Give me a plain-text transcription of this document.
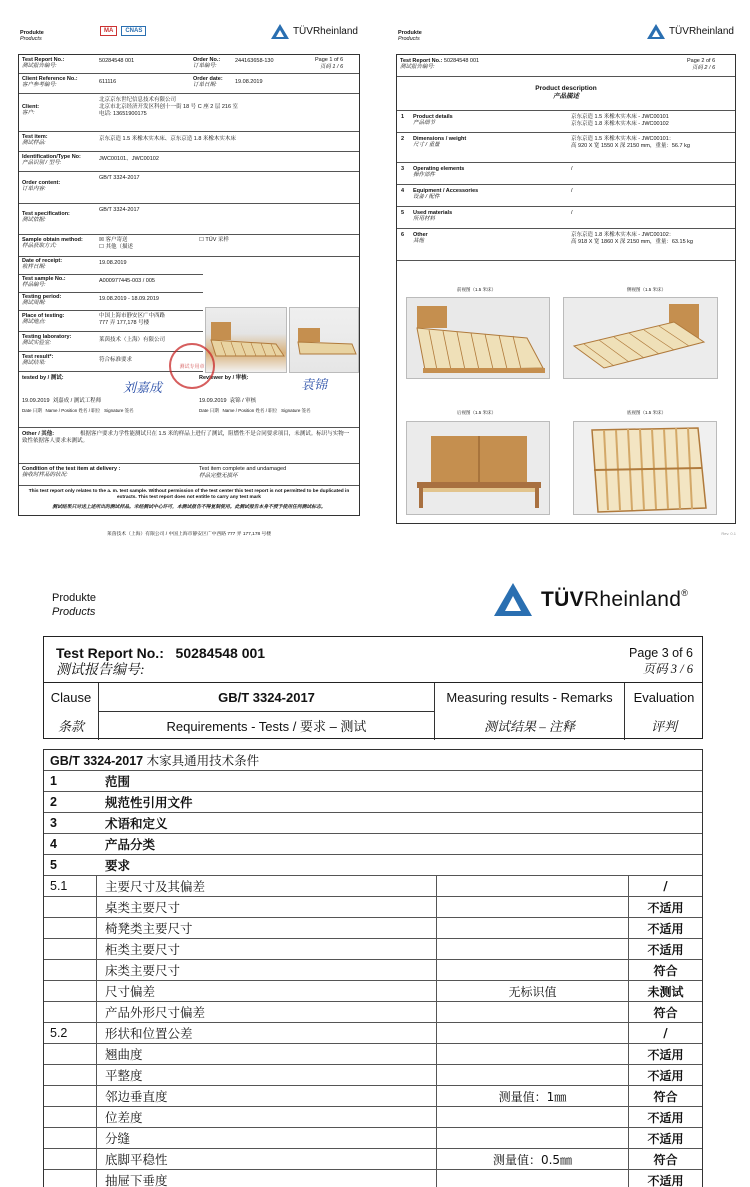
Produkte
Products
MA	CNAS	TÜVRheinland
Test Report No.:
测试报告编号:
50284548 001	Order No.:
订单编号:
244163658-130	Page 1 of 6
页码 1 / 6
Client Reference No.:
客户参考编号:
611116	Order date:
订单日期:
19.08.2019
Client:
客户:
北京京东世纪信息技术有限公司
北京市北京经济开发区科创十一街 18 号 C 座 2 层 216 室
电话: 13651900175
Test item:
测试样品:
京东京造 1.5 米橡木实木床、京东京造 1.8 米橡木实木床
Identification/Type No:
产品识别 / 型号:
JWC00101、JWC00102
Order content:
订单内容:
GB/T 3324-2017
Test specification:
测试依据:
GB/T 3324-2017
Sample obtain method:
样品获取方式:
☒ 客户寄送
☐ 其他（描述
☐ TÜV 采样
Date of receipt:
收样日期:
19.08.2019
Test sample No.:
样品编号:
A000977445-003 / 005
Testing period:
测试周期:
19.08.2019 - 18.09.2019
Place of testing:
测试地点:
中国上海市静安区广中西路
777 弄 177,178 号楼
Testing laboratory:
测试实验室:
莱茵技术（上海）有限公司
Test result*:
测试结果:
符合标准要求
tested by / 测试:	Reviewer by / 审核:
刘嘉成	袁锦
19.09.2019 刘嘉成 / 测试工程师	19.09.2019 袁锦 / 审核
Date 日期 Name / Position 姓名 / 职位 Signature 签名	Date 日期 Name / Position 姓名 / 职位 Signature 签名
测试专用章
Other / 其他:	根据客户要求力学性能测试只在 1.5 米的样品上进行了测试，阻燃性不是合同要求项目，未测试。标识与实物一致性依据客人要求未测试。
Condition of the test item at delivery :
接收时样品的状况:
Test item complete and undamaged
样品完整无损坏
This test report only relates to the a. m. test sample. Without permission of the test center this test report is not permitted to be duplicated in extracts. This test report does not entitle to carry any test mark
测试结果只对送上述所出的测试样品。未经测试中心许可，本测试报告不得复制使用。此测试报告本身不授予使用任何测试标志。
莱茵技术（上海）有限公司 / 中国上海市静安区广中西路 777 弄 177,178 号楼
Produkte
Products
TÜVRheinland
Test Report No.: 50284548 001
测试报告编号:
Page 2 of 6
页码 2 / 6
Product description
产品描述
1 Product details
产品细节
京东京造 1.5 米橡木实木床 - JWC00101
京东京造 1.8 米橡木实木床 - JWC00102
2 Dimensions / weight
尺寸 / 重量
京东京造 1.5 米橡木实木床 - JWC00101：
高 920 X 宽 1550 X 深 2150 mm，重量：56.7 kg
3 Operating elements
操作部件
/
4 Equipment / Accessories
设备 / 配件
/
5 Used materials
所用材料
/
6 Other
其他
京东京造 1.8 米橡木实木床 - JWC00102：
高 918 X 宽 1860 X 深 2150 mm，重量：63.15 kg
前视图（1.5 米床）	侧视图（1.5 米床）
后视图（1.5 米床）	底视图（1.5 米床）
Rev. 0.1
Produkte
Products
TÜVRheinland®
Test Report No.: 50284548 001
测试报告编号:
Page 3 of 6
页码 3 / 6
Clause
条款
GB/T 3324-2017
Requirements - Tests / 要求 – 测试
Measuring results - Remarks
测试结果 – 注释
Evaluation
评判
GB/T 3324-2017 木家具通用技术条件
1	范围
2	规范性引用文件
3	术语和定义
4	产品分类
5	要求
5.1	主要尺寸及其偏差	/
桌类主要尺寸	不适用
椅凳类主要尺寸	不适用
柜类主要尺寸	不适用
床类主要尺寸	符合
尺寸偏差	无标识值	未测试
产品外形尺寸偏差	符合
5.2	形状和位置公差	/
翘曲度	不适用
平整度	不适用
邻边垂直度	测量值：1㎜	符合
位差度	不适用
分缝	不适用
底脚平稳性	测量值：0.5㎜	符合
抽屉下垂度	不适用
